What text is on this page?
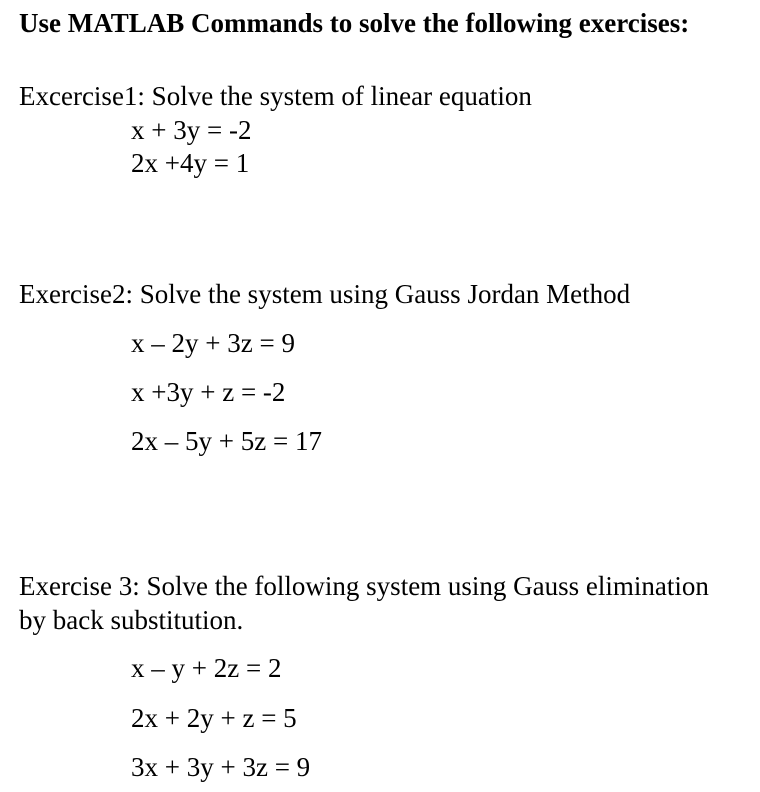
Use MATLAB Commands to solve the following exercises:
Excercise1: Solve the system of linear equation
x + 3y = -2
2x +4y = 1
Exercise2: Solve the system using Gauss Jordan Method
x – 2y + 3z = 9
x +3y + z = -2
2x – 5y + 5z = 17
Exercise 3: Solve the following system using Gauss elimination
by back substitution.
x – y + 2z = 2
2x + 2y + z = 5
3x + 3y + 3z = 9
